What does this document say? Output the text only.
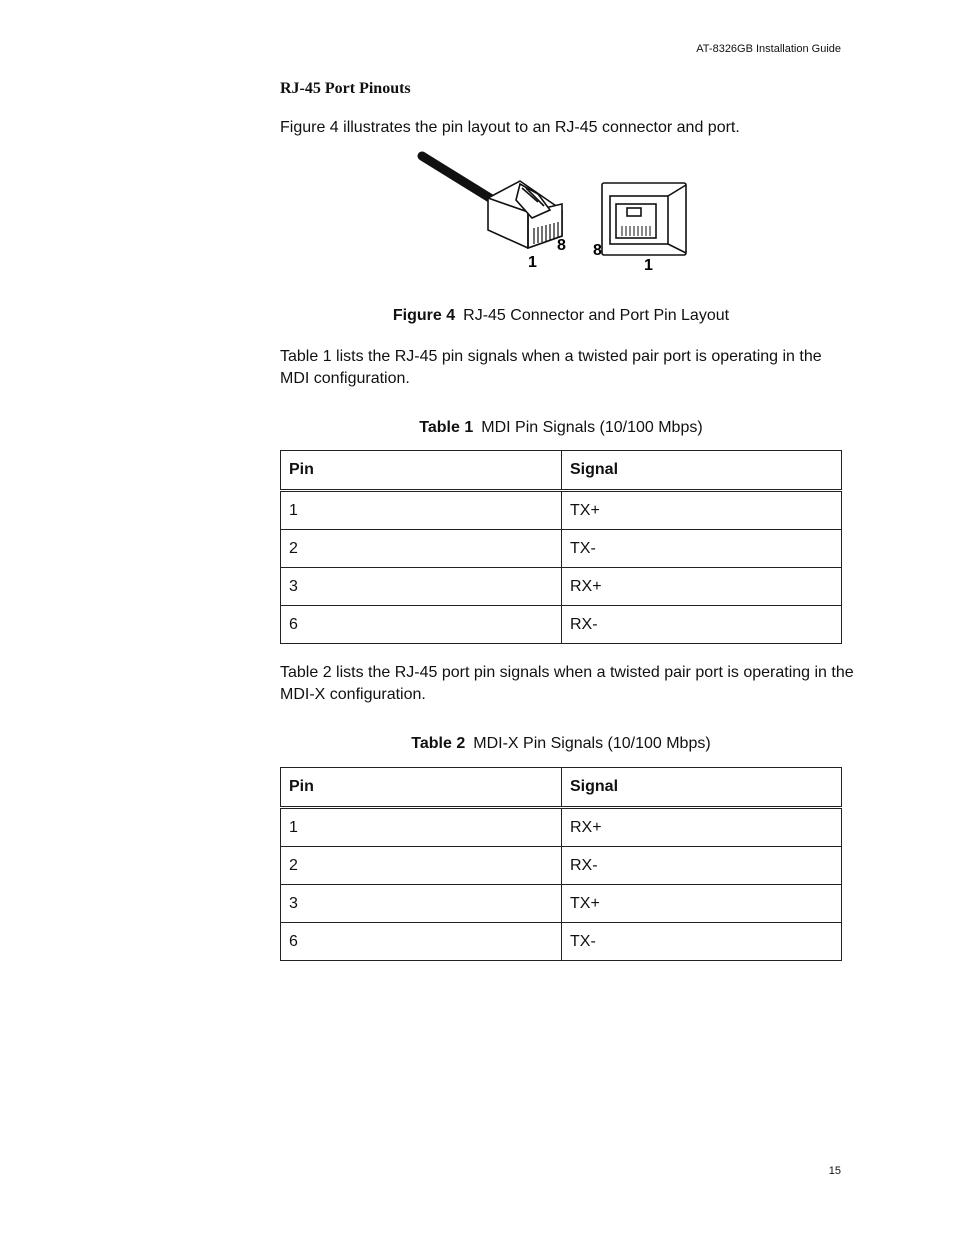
AT-8326GB Installation Guide
RJ-45 Port Pinouts
Figure 4 illustrates the pin layout to an RJ-45 connector and port.
1
8 8
1
Figure 4 RJ-45 Connector and Port Pin Layout
Table 1 lists the RJ-45 pin signals when a twisted pair port is operating in the MDI configuration.
Table 1 MDI Pin Signals (10/100 Mbps)
Pin	Signal
1	TX+
2	TX-
3	RX+
6	RX-
Table 2 lists the RJ-45 port pin signals when a twisted pair port is operating in the MDI-X configuration.
Table 2 MDI-X Pin Signals (10/100 Mbps)
Pin	Signal
1	RX+
2	RX-
3	TX+
6	TX-
15
